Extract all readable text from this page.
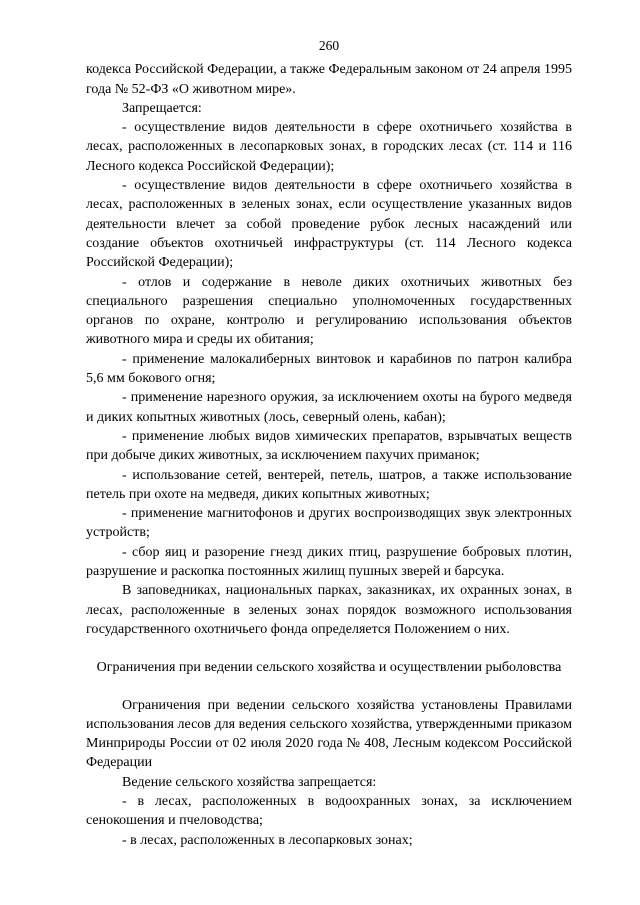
260

кодекса Российской Федерации, а также Федеральным законом от 24 апреля 1995 года № 52-ФЗ «О животном мире».

Запрещается:

- осуществление видов деятельности в сфере охотничьего хозяйства в лесах, расположенных в лесопарковых зонах, в городских лесах (ст. 114 и 116 Лесного кодекса Российской Федерации);

- осуществление видов деятельности в сфере охотничьего хозяйства в лесах, расположенных в зеленых зонах, если осуществление указанных видов деятельности влечет за собой проведение рубок лесных насаждений или создание объектов охотничьей инфраструктуры (ст. 114 Лесного кодекса Российской Федерации);

- отлов и содержание в неволе диких охотничьих животных без специального разрешения специально уполномоченных государственных органов по охране, контролю и регулированию использования объектов животного мира и среды их обитания;

- применение малокалиберных винтовок и карабинов по патрон калибра 5,6 мм бокового огня;

- применение нарезного оружия, за исключением охоты на бурого медведя и диких копытных животных (лось, северный олень, кабан);

- применение любых видов химических препаратов, взрывчатых веществ при добыче диких животных, за исключением пахучих приманок;

- использование сетей, вентерей, петель, шатров, а также использование петель при охоте на медведя, диких копытных животных;

- применение магнитофонов и других воспроизводящих звук электронных устройств;

- сбор яиц и разорение гнезд диких птиц, разрушение бобровых плотин, разрушение и раскопка постоянных жилищ пушных зверей и барсука.

В заповедниках, национальных парках, заказниках, их охранных зонах, в лесах, расположенные в зеленых зонах порядок возможного использования государственного охотничьего фонда определяется Положением о них.

Ограничения при ведении сельского хозяйства и осуществлении рыболовства

Ограничения при ведении сельского хозяйства установлены Правилами использования лесов для ведения сельского хозяйства, утвержденными приказом Минприроды России от 02 июля 2020 года № 408, Лесным кодексом Российской Федерации

Ведение сельского хозяйства запрещается:

- в лесах, расположенных в водоохранных зонах, за исключением сенокошения и пчеловодства;

- в лесах, расположенных в лесопарковых зонах;
